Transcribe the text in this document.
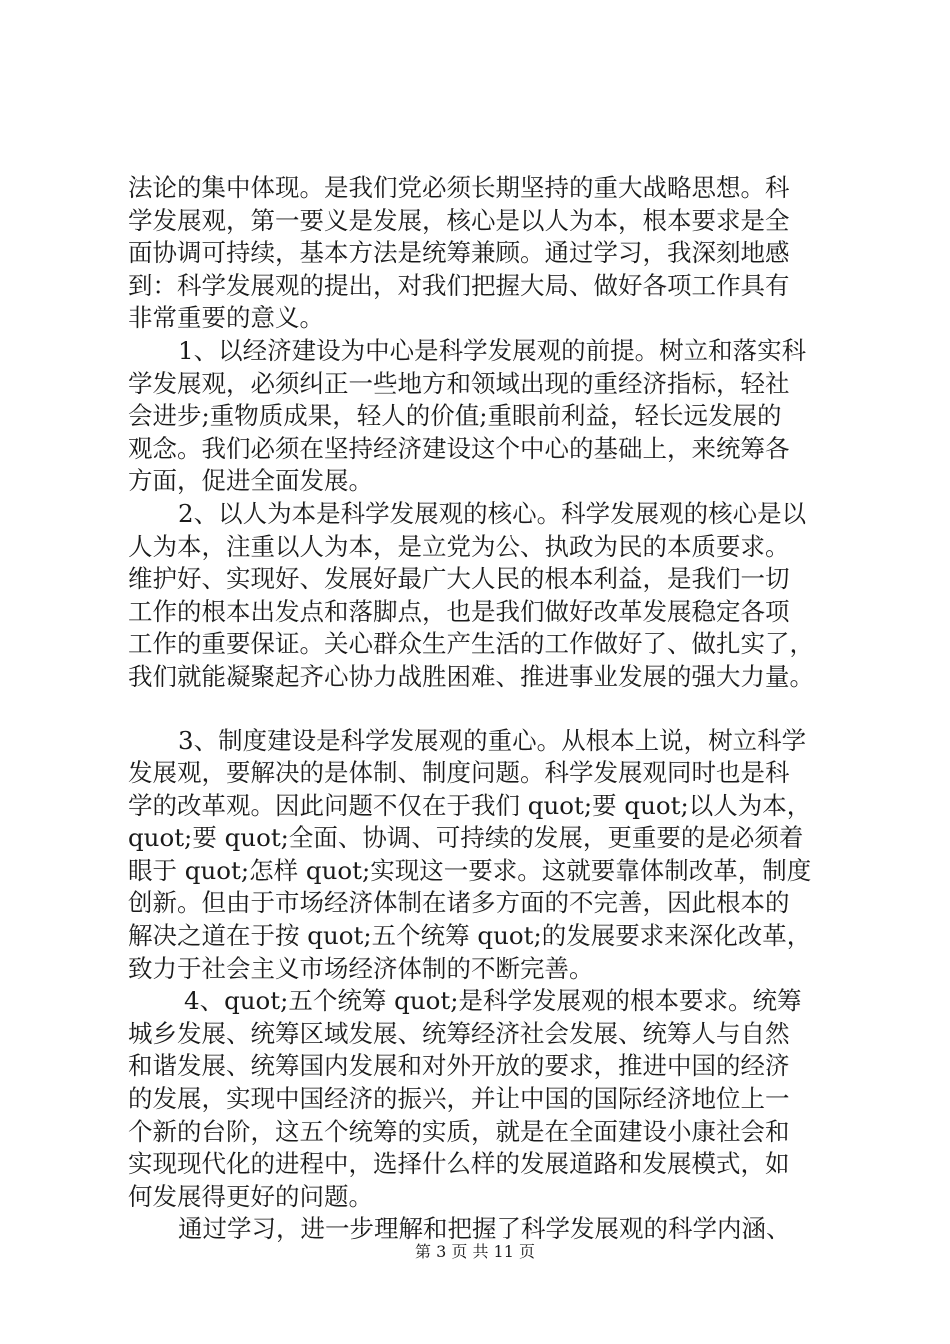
法论的集中体现。是我们党必须长期坚持的重大战略思想。科
学发展观，第一要义是发展，核心是以人为本，根本要求是全
面协调可持续，基本方法是统筹兼顾。通过学习，我深刻地感
到：科学发展观的提出，对我们把握大局、做好各项工作具有
非常重要的意义。
1、以经济建设为中心是科学发展观的前提。树立和落实科
学发展观，必须纠正一些地方和领域出现的重经济指标，轻社
会进步;重物质成果，轻人的价值;重眼前利益，轻长远发展的
观念。我们必须在坚持经济建设这个中心的基础上，来统筹各
方面，促进全面发展。
2、以人为本是科学发展观的核心。科学发展观的核心是以
人为本，注重以人为本，是立党为公、执政为民的本质要求。
维护好、实现好、发展好最广大人民的根本利益，是我们一切
工作的根本出发点和落脚点，也是我们做好改革发展稳定各项
工作的重要保证。关心群众生产生活的工作做好了、做扎实了，
我们就能凝聚起齐心协力战胜困难、推进事业发展的强大力量。
3、制度建设是科学发展观的重心。从根本上说，树立科学
发展观，要解决的是体制、制度问题。科学发展观同时也是科
学的改革观。因此问题不仅在于我们 quot;要 quot;以人为本，
quot;要 quot;全面、协调、可持续的发展，更重要的是必须着
眼于 quot;怎样 quot;实现这一要求。这就要靠体制改革，制度
创新。但由于市场经济体制在诸多方面的不完善，因此根本的
解决之道在于按 quot;五个统筹 quot;的发展要求来深化改革，
致力于社会主义市场经济体制的不断完善。
4、quot;五个统筹 quot;是科学发展观的根本要求。统筹
城乡发展、统筹区域发展、统筹经济社会发展、统筹人与自然
和谐发展、统筹国内发展和对外开放的要求，推进中国的经济
的发展，实现中国经济的振兴，并让中国的国际经济地位上一
个新的台阶，这五个统筹的实质，就是在全面建设小康社会和
实现现代化的进程中，选择什么样的发展道路和发展模式，如
何发展得更好的问题。
通过学习，进一步理解和把握了科学发展观的科学内涵、
第 3 页 共 11 页
